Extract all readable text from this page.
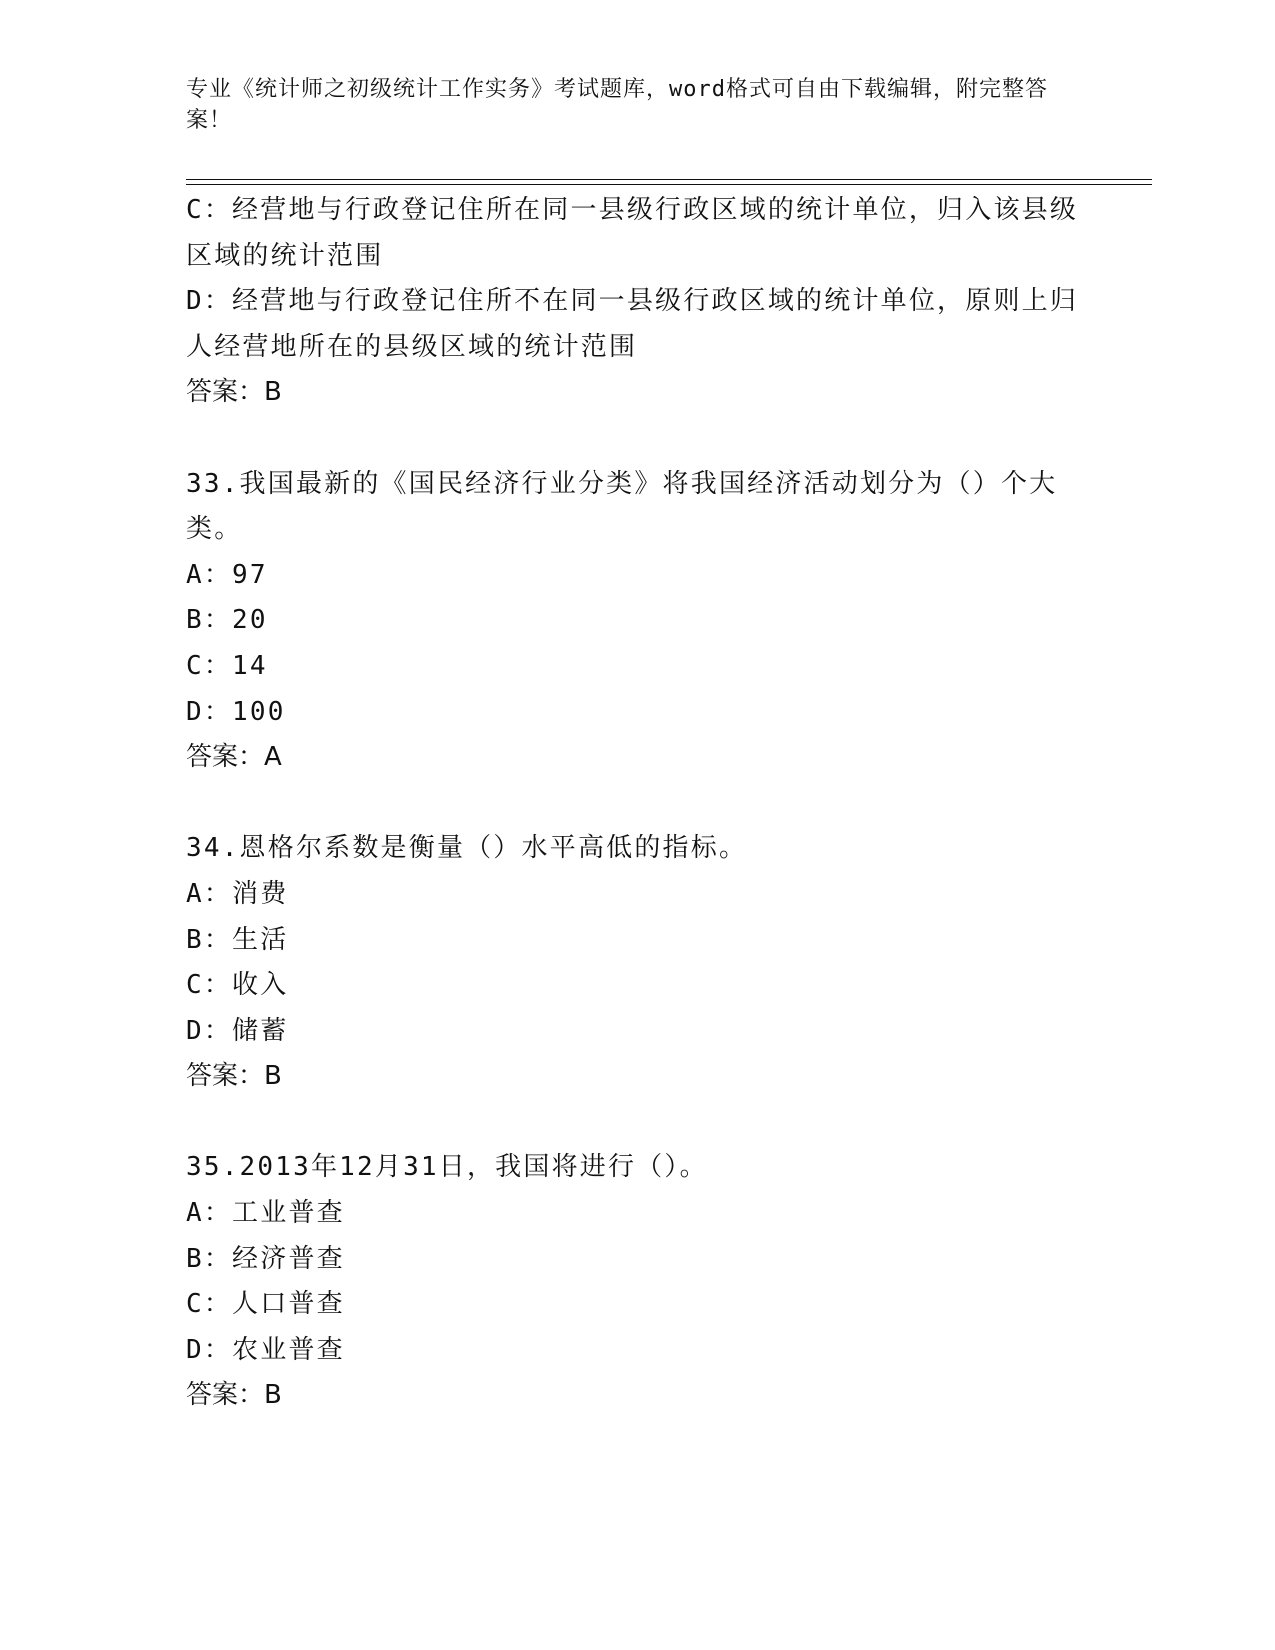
专业《统计师之初级统计工作实务》考试题库，word格式可自由下载编辑，附完整答案！

C：经营地与行政登记住所在同一县级行政区域的统计单位，归入该县级区域的统计范围

D：经营地与行政登记住所不在同一县级行政区域的统计单位，原则上归人经营地所在的县级区域的统计范围

答案：B

33.我国最新的《国民经济行业分类》将我国经济活动划分为（）个大类。

A：97

B：20

C：14

D：100

答案：A

34.恩格尔系数是衡量（）水平高低的指标。

A：消费

B：生活

C：收入

D：储蓄

答案：B

35.2013年12月31日，我国将进行（）。

A：工业普查

B：经济普查

C：人口普查

D：农业普查

答案：B
